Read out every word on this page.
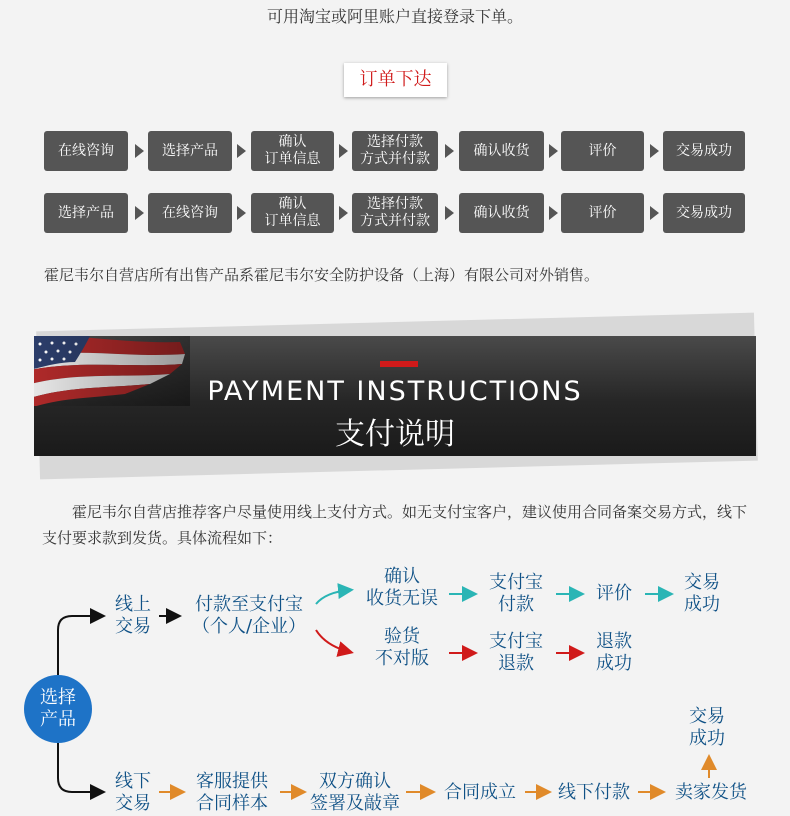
可用淘宝或阿里账户直接登录下单。
订单下达
在线咨询	选择产品
确认
订单信息
选择付款
方式并付款
确认收货	评价	交易成功
选择产品	在线咨询
确认
订单信息
选择付款
方式并付款
确认收货	评价	交易成功
霍尼韦尔自营店所有出售产品系霍尼韦尔安全防护设备（上海）有限公司对外销售。
PAYMENT INSTRUCTIONS
支付说明
霍尼韦尔自营店推荐客户尽量使用线上支付方式。如无支付宝客户，建议使用合同备案交易方式，线下支付要求款到发货。具体流程如下：
选择
产品
线上
交易
付款至支付宝
（个人/企业）
确认
收货无误
支付宝
付款
评价
交易
成功
验货
不对版
支付宝
退款
退款
成功
线下
交易
客服提供
合同样本
双方确认
签署及敲章
合同成立	线下付款	卖家发货
交易
成功
